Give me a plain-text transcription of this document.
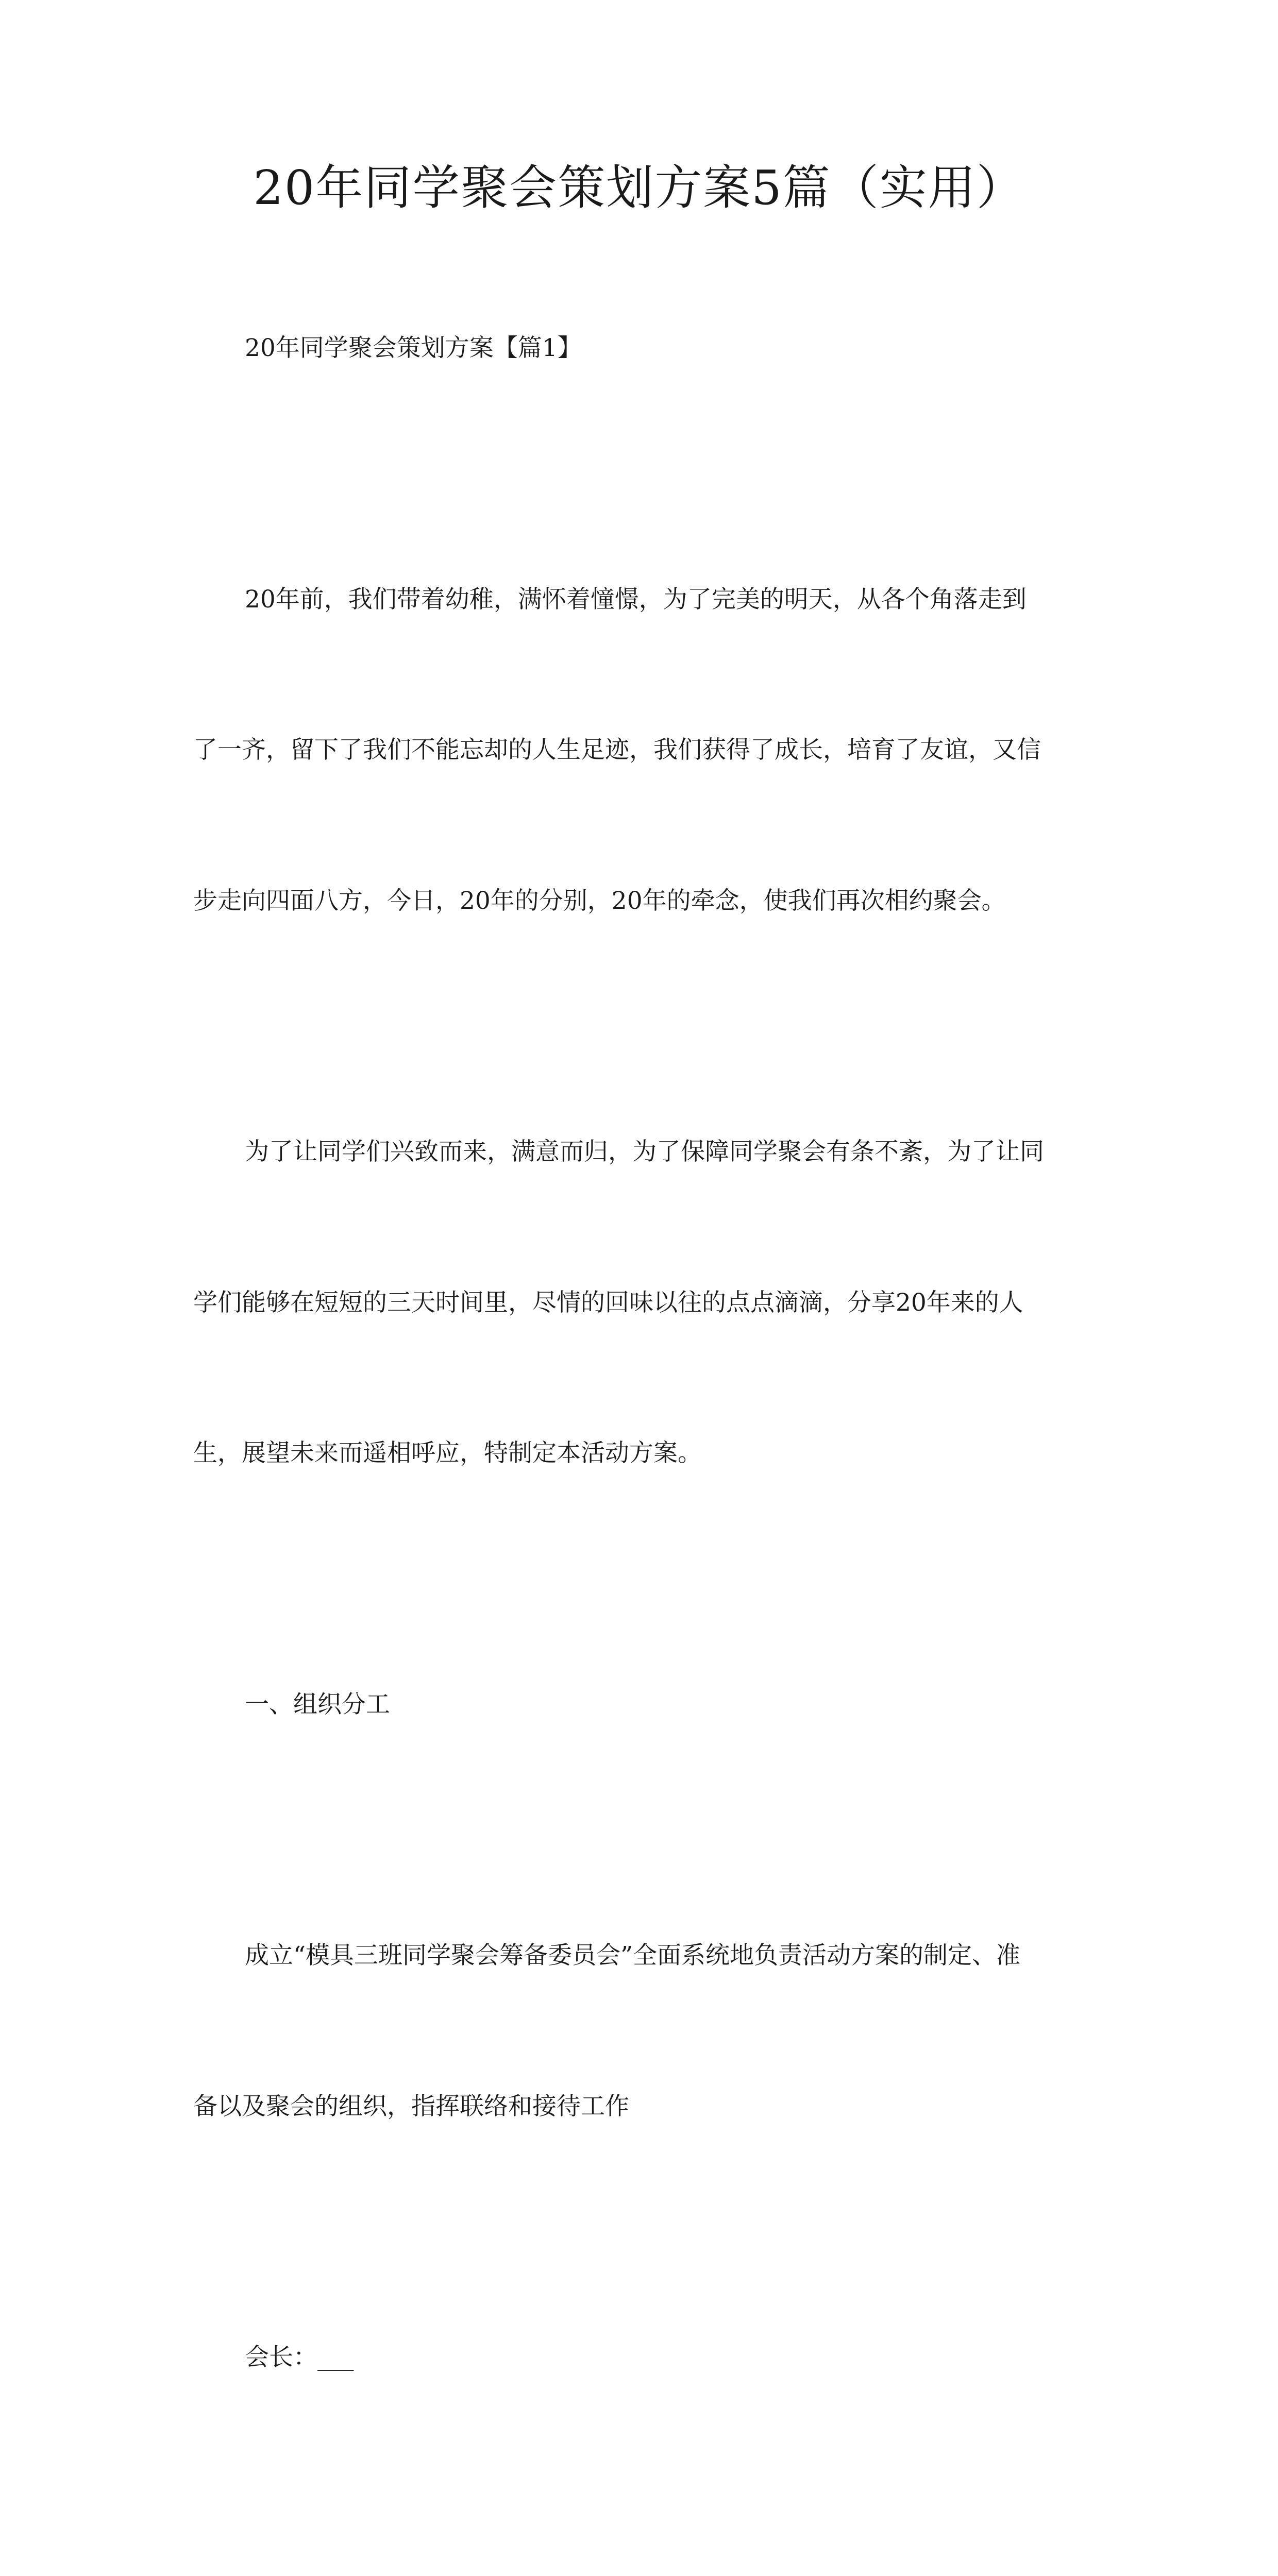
20年同学聚会策划方案5篇（实用）

20年同学聚会策划方案【篇1】

20年前，我们带着幼稚，满怀着憧憬，为了完美的明天，从各个角落走到

了一齐，留下了我们不能忘却的人生足迹，我们获得了成长，培育了友谊，又信

步走向四面八方，今日，20年的分别，20年的牵念，使我们再次相约聚会。

为了让同学们兴致而来，满意而归，为了保障同学聚会有条不紊，为了让同

学们能够在短短的三天时间里，尽情的回味以往的点点滴滴，分享20年来的人

生，展望未来而遥相呼应，特制定本活动方案。

一、组织分工

成立“模具三班同学聚会筹备委员会”全面系统地负责活动方案的制定、准

备以及聚会的组织，指挥联络和接待工作

会长：___
